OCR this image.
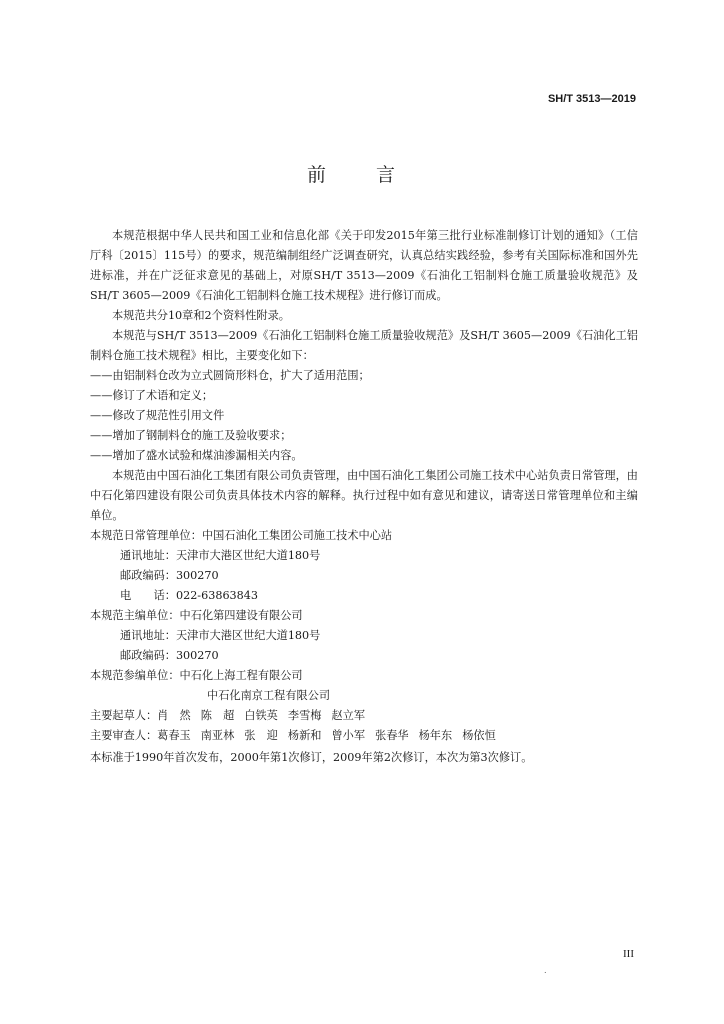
SH/T 3513—2019
前 言

本规范根据中华人民共和国工业和信息化部《关于印发2015年第三批行业标准制修订计划的通知》（工信厅科〔2015〕115号）的要求，规范编制组经广泛调查研究，认真总结实践经验，参考有关国际标准和国外先进标准，并在广泛征求意见的基础上，对原SH/T 3513—2009《石油化工铝制料仓施工质量验收规范》及SH/T 3605—2009《石油化工铝制料仓施工技术规程》进行修订而成。

本规范共分10章和2个资料性附录。

本规范与SH/T 3513—2009《石油化工铝制料仓施工质量验收规范》及SH/T 3605—2009《石油化工铝制料仓施工技术规程》相比，主要变化如下：

——由铝制料仓改为立式圆筒形料仓，扩大了适用范围；

——修订了术语和定义；

——修改了规范性引用文件

——增加了钢制料仓的施工及验收要求；

——增加了盛水试验和煤油渗漏相关内容。

本规范由中国石油化工集团有限公司负责管理，由中国石油化工集团公司施工技术中心站负责日常管理，由中石化第四建设有限公司负责具体技术内容的解释。执行过程中如有意见和建议，请寄送日常管理单位和主编单位。

本规范日常管理单位：中国石油化工集团公司施工技术中心站
通讯地址：天津市大港区世纪大道180号
邮政编码：300270
电　　话：022-63863843
本规范主编单位：中石化第四建设有限公司
通讯地址：天津市大港区世纪大道180号
邮政编码：300270
本规范参编单位：中石化上海工程有限公司
中石化南京工程有限公司
主要起草人：肖　然 陈　超 白铁英 李雪梅 赵立军
主要审查人：葛春玉 南亚林 张　迎 杨新和 曾小军 张春华 杨年东 杨依恒
本标准于1990年首次发布，2000年第1次修订，2009年第2次修订，本次为第3次修订。
III
.
